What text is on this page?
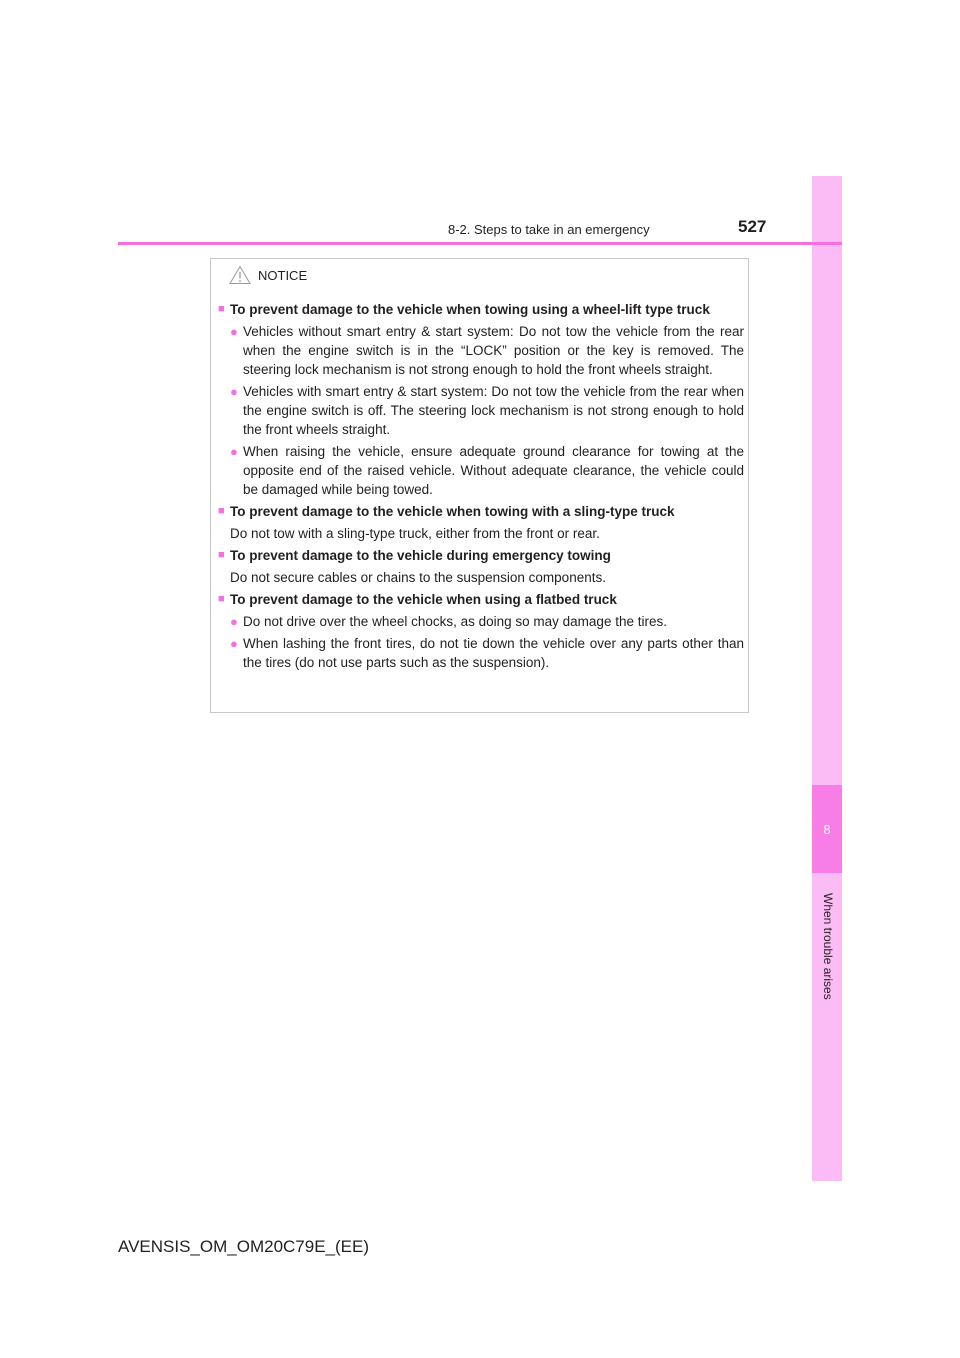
8
When trouble arises
8-2. Steps to take in an emergency	527
NOTICE
■ To prevent damage to the vehicle when towing using a wheel-lift type truck
● Vehicles without smart entry & start system: Do not tow the vehicle from the rear when the engine switch is in the “LOCK” position or the key is removed. The steering lock mechanism is not strong enough to hold the front wheels straight.
● Vehicles with smart entry & start system: Do not tow the vehicle from the rear when the engine switch is off. The steering lock mechanism is not strong enough to hold the front wheels straight.
● When raising the vehicle, ensure adequate ground clearance for towing at the opposite end of the raised vehicle. Without adequate clearance, the vehicle could be damaged while being towed.
■ To prevent damage to the vehicle when towing with a sling-type truck
Do not tow with a sling-type truck, either from the front or rear.
■ To prevent damage to the vehicle during emergency towing
Do not secure cables or chains to the suspension components.
■ To prevent damage to the vehicle when using a flatbed truck
● Do not drive over the wheel chocks, as doing so may damage the tires.
● When lashing the front tires, do not tie down the vehicle over any parts other than the tires (do not use parts such as the suspension).
AVENSIS_OM_OM20C79E_(EE)
